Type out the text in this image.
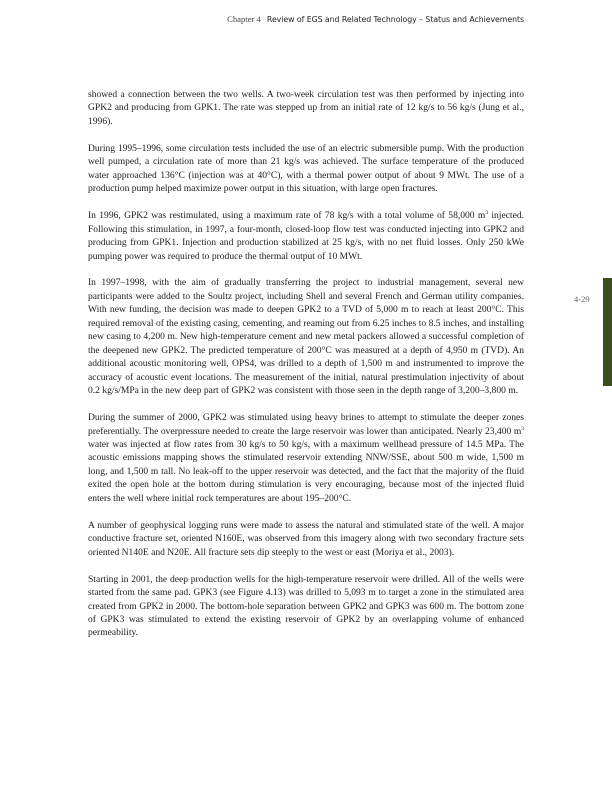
Chapter 4 Review of EGS and Related Technology – Status and Achievements

showed a connection between the two wells. A two-week circulation test was then performed by injecting into GPK2 and producing from GPK1. The rate was stepped up from an initial rate of 12 kg/s to 56 kg/s (Jung et al., 1996).

During 1995–1996, some circulation tests included the use of an electric submersible pump. With the production well pumped, a circulation rate of more than 21 kg/s was achieved. The surface temperature of the produced water approached 136°C (injection was at 40°C), with a thermal power output of about 9 MWt. The use of a production pump helped maximize power output in this situation, with large open fractures.

In 1996, GPK2 was restimulated, using a maximum rate of 78 kg/s with a total volume of 58,000 $m^3$ injected. Following this stimulation, in 1997, a four-month, closed-loop flow test was conducted injecting into GPK2 and producing from GPK1. Injection and production stabilized at 25 kg/s, with no net fluid losses. Only 250 kWe pumping power was required to produce the thermal output of 10 MWt.

In 1997–1998, with the aim of gradually transferring the project to industrial management, several new participants were added to the Soultz project, including Shell and several French and German utility companies. With new funding, the decision was made to deepen GPK2 to a TVD of 5,000 m to reach at least 200°C. This required removal of the existing casing, cementing, and reaming out from 6.25 inches to 8.5 inches, and installing new casing to 4,200 m. New high-temperature cement and new metal packers allowed a successful completion of the deepened new GPK2. The predicted temperature of 200°C was measured at a depth of 4,950 m (TVD). An additional acoustic monitoring well, OPS4, was drilled to a depth of 1,500 m and instrumented to improve the accuracy of acoustic event locations. The measurement of the initial, natural prestimulation injectivity of about 0.2 kg/s/MPa in the new deep part of GPK2 was consistent with those seen in the depth range of 3,200–3,800 m.

During the summer of 2000, GPK2 was stimulated using heavy brines to attempt to stimulate the deeper zones preferentially. The overpressure needed to create the large reservoir was lower than anticipated. Nearly 23,400 $m^3$ water was injected at flow rates from 30 kg/s to 50 kg/s, with a maximum wellhead pressure of 14.5 MPa. The acoustic emissions mapping shows the stimulated reservoir extending NNW/SSE, about 500 m wide, 1,500 m long, and 1,500 m tall. No leak-off to the upper reservoir was detected, and the fact that the majority of the fluid exited the open hole at the bottom during stimulation is very encouraging, because most of the injected fluid enters the well where initial rock temperatures are about 195–200°C.

A number of geophysical logging runs were made to assess the natural and stimulated state of the well. A major conductive fracture set, oriented N160E, was observed from this imagery along with two secondary fracture sets oriented N140E and N20E. All fracture sets dip steeply to the west or east (Moriya et al., 2003).

Starting in 2001, the deep production wells for the high-temperature reservoir were drilled. All of the wells were started from the same pad. GPK3 (see Figure 4.13) was drilled to 5,093 m to target a zone in the stimulated area created from GPK2 in 2000. The bottom-hole separation between GPK2 and GPK3 was 600 m. The bottom zone of GPK3 was stimulated to extend the existing reservoir of GPK2 by an overlapping volume of enhanced permeability.

4-29
